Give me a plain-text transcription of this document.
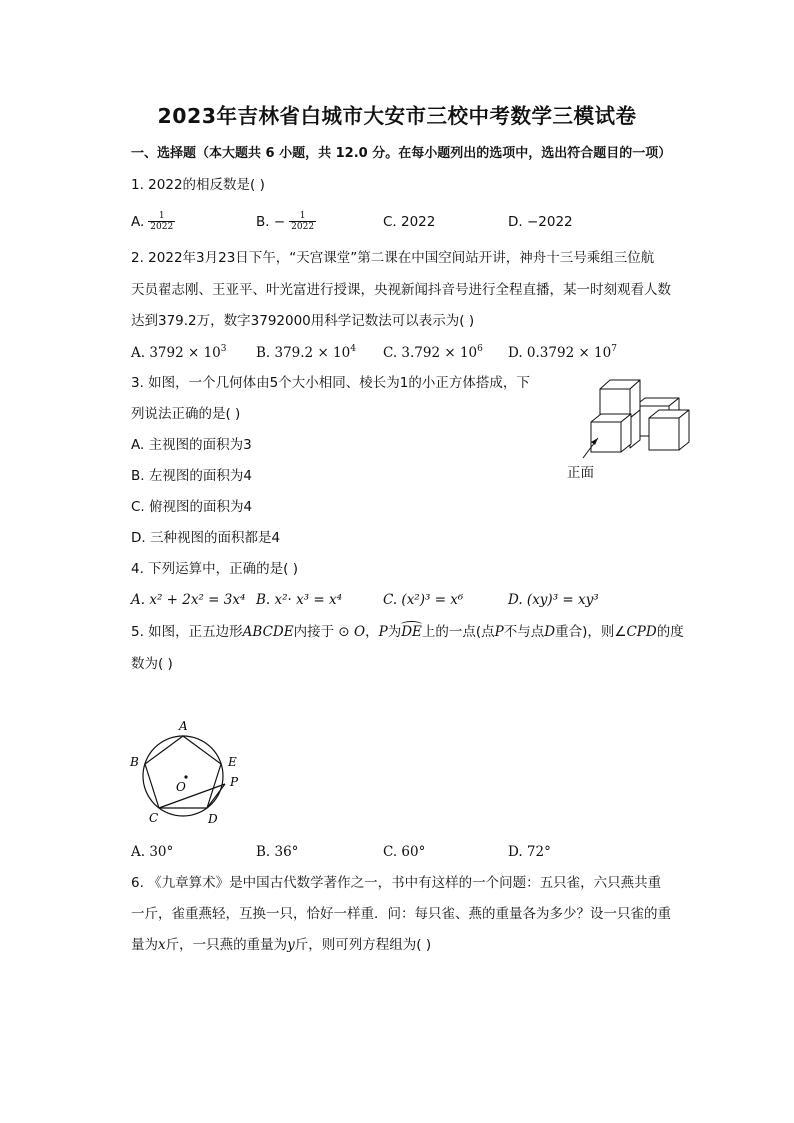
2023年吉林省白城市大安市三校中考数学三模试卷
一、选择题（本大题共 6 小题，共 12.0 分。在每小题列出的选项中，选出符合题目的一项）
1. 2022的相反数是( )
A. $\frac{1}{2022}$	B. − $\frac{1}{2022}$	C. 2022	D. −2022
2. 2022年3月23日下午，“天宫课堂”第二课在中国空间站开讲，神舟十三号乘组三位航
天员翟志刚、王亚平、叶光富进行授课，央视新闻抖音号进行全程直播，某一时刻观看人数
达到379.2万，数字3792000用科学记数法可以表示为( )
A. $3792 \times 10^3$ B. $379.2 \times 10^4$ C. $3.792 \times 10^6$ D. $0.3792 \times 10^7$
3. 如图，一个几何体由5个大小相同、棱长为1的小正方体搭成，下
列说法正确的是( )
A. 主视图的面积为3
B. 左视图的面积为4
C. 俯视图的面积为4
D. 三种视图的面积都是4
正面
4. 下列运算中，正确的是( )
A. x² + 2x² = 3x⁴ B. x²· x³ = x⁴	C. (x²)³ = x⁶	D. (xy)³ = xy³
5. 如图，正五边形ABCDE内接于 ⊙ O，P为
DE上的一点(点P不与点D重合)，则∠CPD的度
数为( )
A
B
C	D
E
P
O
A. 30°	B. 36°	C. 60°	D. 72°
6. 《九章算术》是中国古代数学著作之一，书中有这样的一个问题：五只雀，六只燕共重
一斤，雀重燕轻，互换一只，恰好一样重．问：每只雀、燕的重量各为多少？设一只雀的重
量为x斤，一只燕的重量为y斤，则可列方程组为( )
